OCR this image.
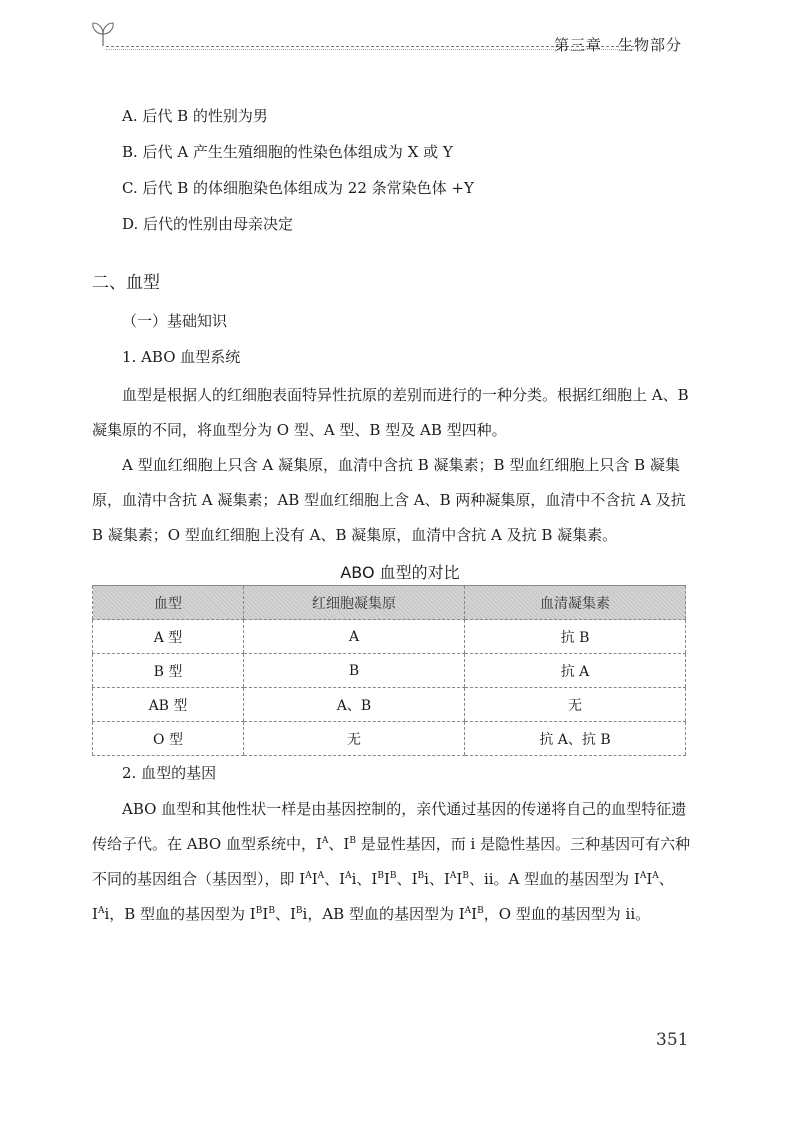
第三章　生物部分
A. 后代 B 的性别为男
B. 后代 A 产生生殖细胞的性染色体组成为 X 或 Y
C. 后代 B 的体细胞染色体组成为 22 条常染色体 +Y
D. 后代的性别由母亲决定
二、血型
（一）基础知识
1. ABO 血型系统
血型是根据人的红细胞表面特异性抗原的差别而进行的一种分类。根据红细胞上 A、B 凝集原的不同，将血型分为 O 型、A 型、B 型及 AB 型四种。
A 型血红细胞上只含 A 凝集原，血清中含抗 B 凝集素；B 型血红细胞上只含 B 凝集原，血清中含抗 A 凝集素；AB 型血红细胞上含 A、B 两种凝集原，血清中不含抗 A 及抗 B 凝集素；O 型血红细胞上没有 A、B 凝集原，血清中含抗 A 及抗 B 凝集素。
ABO 血型的对比
血型	红细胞凝集原	血清凝集素
A 型	A	抗 B
B 型	B	抗 A
AB 型	A、B	无
O 型	无	抗 A、抗 B
2. 血型的基因
ABO 血型和其他性状一样是由基因控制的，亲代通过基因的传递将自己的血型特征遗传给子代。在 ABO 血型系统中，$I^A$、$I^B$ 是显性基因，而 i 是隐性基因。三种基因可有六种不同的基因组合（基因型），即 $I^AI^A$、$I^Ai$、$I^BI^B$、$I^Bi$、$I^AI^B$、ii。A 型血的基因型为 $I^AI^A$、$I^Ai$，B 型血的基因型为 $I^BI^B$、$I^Bi$，AB 型血的基因型为 $I^AI^B$，O 型血的基因型为 ii。
351
